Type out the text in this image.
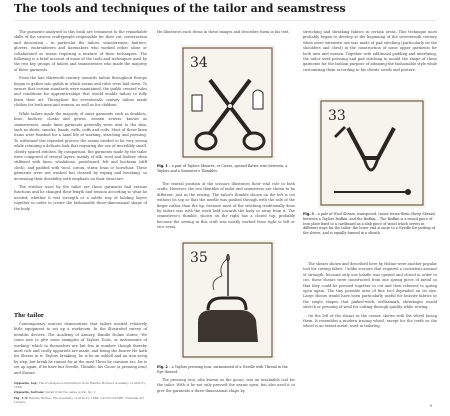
The tools and techniques of the tailor and seamstress

The garments analysed in this book are testament to the remarkable skills of the various craftspeople responsible for their cut, construction and decoration – in particular the tailors, seamstresses, knitters, glovers, embroiderers and lacemakers who worked either alone or collaborated as teams requiring a mixture of their techniques. The following is a brief account of some of the tools and techniques used by the two key groups of tailors and seamstresses who made the majority of these garments.

From the late thirteenth century onwards tailors throughout Europe began to gather into guilds in which norms and rules were laid down. To ensure that certain standards were maintained, the guilds created rules and conditions for apprenticeships that would enable tailors to fully learn their art. Throughout the seventeenth century tailors made clothes for both men and women, as well as for children.

While tailors made the majority of outer garments such as doublets, hose, bodices, cloaks and gowns, women sewers, known as seamstresses, made linen garments generally worn next to the skin, such as shirts, smocks, bands, ruffs, cuffs and coifs. Most of these linen items were finished for a hand life of washing, starching and pressing. To withstand this repeated process the seams needed to be very strong while retaining a delicate look that requiring the use of incredibly small, closely spaced stitches. By comparison, the garments made by the tailor were composed of several layers, mainly of silk, wool and leather, often stiffened with linen, whalebone, pasteboard, felt and buckram (stiff cloth), and padded with wool, cotton, straw, bran or horsehair. These garments were not washed but cleaned by wiping and brushing, so increasing their durability with emphasis on their structure.

The stitches used by the tailor are those garments had various functions and he changed their length and tension according to what he needed, whether it was strength or a subtle way of holding layers together in order to create the fashionable three-dimensional shape of the body.

The tailor

Contemporary sources demonstrate that tailors needed relatively little equipment to set up a workroom. In the illustrated survey of heraldic devices, The Academy of Armory, Randle Holme states: 'We come now to give some examples of Taylors Tools, or instruments of working' which in themselves are but few in number: though thereby most rich and costly apparrels are made, and being the bearer He hath his Sheers in it. Taylors breaking, he is be an ashbill and an iron sevig by step; but break he cannot for at the most Three be common too, for is set up again, if he have but Needle, Thimble, his Goose (a pressing iron) and Shears'.

Opposite, top: The frontispiece illustration from Randle Holme's Academy of Armory, 1688.

Opposite, bottom: Detail from the same work, fig. 1.

Fig. 1-3: Randle Holme, The Academy of Armory, 1688. LAC/CULTURE, National Art Library.

He illustrates each items in these images and describes them in his text.

34
Fig. 1 – a pair of Taylors Sheares, or Cizers, opened flatter wise between, a Taylors and a Seamster's Thimbles.

The central position of the scissors illustrates their vital role to both crafts. However, the two thimbles of tailor and seamstress are shown to be different, just as the sewing. The tailor's thimble shown on the left is cut without its top so that the needle was pushed through with the side of the finger rather than the tip, because most of the stitching traditionally done by tailors was with the work held towards the body or away from it. The seamstress's thimble, shown on the right has a closed top, probably because the sewing in this craft was mostly worked from right to left or vice versa.

35
Fig. 2 – a Taylors pressing Iron, surmounted of a Needle with Thread in the Eye thereof.

The pressing iron, also known as the goose, was an invaluable tool for the tailor. With it he not only pressed the seams open, but also used it to give the garments a three-dimensional shape by

stretching and shrinking fabrics in certain areas. This technique most probably began to develop at the beginning of the seventeenth century when more extensive use was made of pad stitching (particularly on the shoulders and chest) in the construction of some upper garments for both men and women. Together with additional padding and interlining, the tailor used pressing and pad stitching to mould the shape of these garments for the fashion purpose of attaining the fashionable style while customizing them according to his clients' needs and posture.

33
Fig. 3 – a pale of Wool Shears, transposed, (some terms them Sheep Shears) between a Taylors Bodkin, and the Bodkin... The Bodkin is a round piece of Iron plate fixed to a cardboard as a slab piece of wood which serves in different ways for the tailor: the lower end is more to a Needle for putting of the sleeve, and is equally formed in a sheath.

The shears shown and described here by Holme were another popular tool for cutting fabric. Unlike scissors that required a consistent amount of strength, because only one handle was opened and closed in order to cut, these shears were constructed from one spring piece of metal so that they could be pressed together to cut and then released to spring open again. The tiny possible area of fine tool depended on its size. Large shears would have been particularly useful for heavier fabrics or the single shapes that pinked-work, wellsamark, shrinkages would stretch or pressing of wool for cutting through quickly while sewing.

On the left of the shears in the corner, shown with the wheel facing them. It resembles a modern tracing wheel, except for the teeth on the wheel is an extent metal, used in tailoring.

9
